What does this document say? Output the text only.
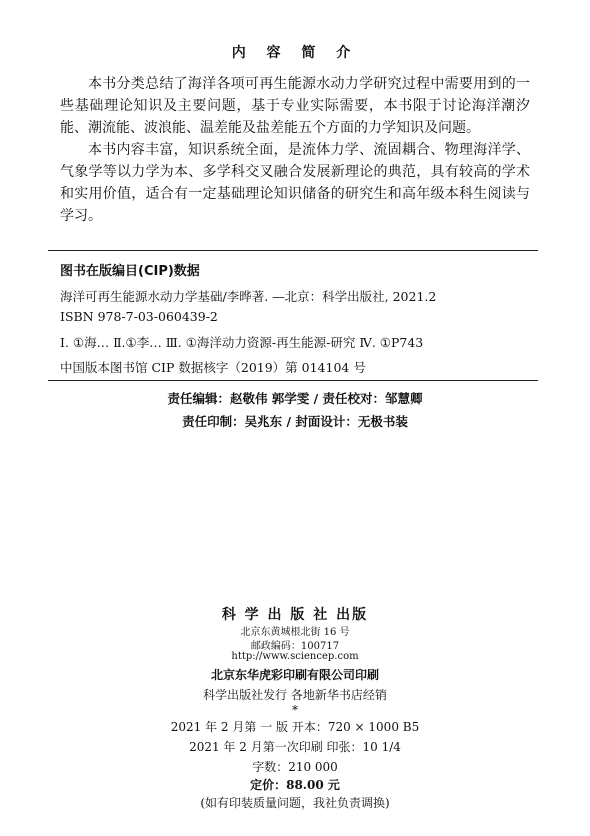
内 容 简 介

本书分类总结了海洋各项可再生能源水动力学研究过程中需要用到的一些基础理论知识及主要问题，基于专业实际需要，本书限于讨论海洋潮汐能、潮流能、波浪能、温差能及盐差能五个方面的力学知识及问题。

本书内容丰富，知识系统全面，是流体力学、流固耦合、物理海洋学、气象学等以力学为本、多学科交叉融合发展新理论的典范，具有较高的学术和实用价值，适合有一定基础理论知识储备的研究生和高年级本科生阅读与学习。

图书在版编目(CIP)数据
海洋可再生能源水动力学基础/李晔著. —北京：科学出版社, 2021.2
ISBN 978-7-03-060439-2
Ⅰ. ①海… Ⅱ.①李… Ⅲ. ①海洋动力资源-再生能源-研究 Ⅳ. ①P743
中国版本图书馆 CIP 数据核字（2019）第 014104 号
责任编辑：赵敬伟 郭学雯 / 责任校对：邹慧卿
责任印制：吴兆东 / 封面设计：无极书装
科 学 出 版 社 出版
北京东黄城根北街 16 号
邮政编码：100717
http://www.sciencep.com
北京东华虎彩印刷有限公司印刷
科学出版社发行 各地新华书店经销
*
2021 年 2 月第 一 版 开本：720 × 1000 B5
2021 年 2 月第一次印刷 印张：10 1/4
字数：210 000
定价：88.00 元
(如有印装质量问题，我社负责调换)
